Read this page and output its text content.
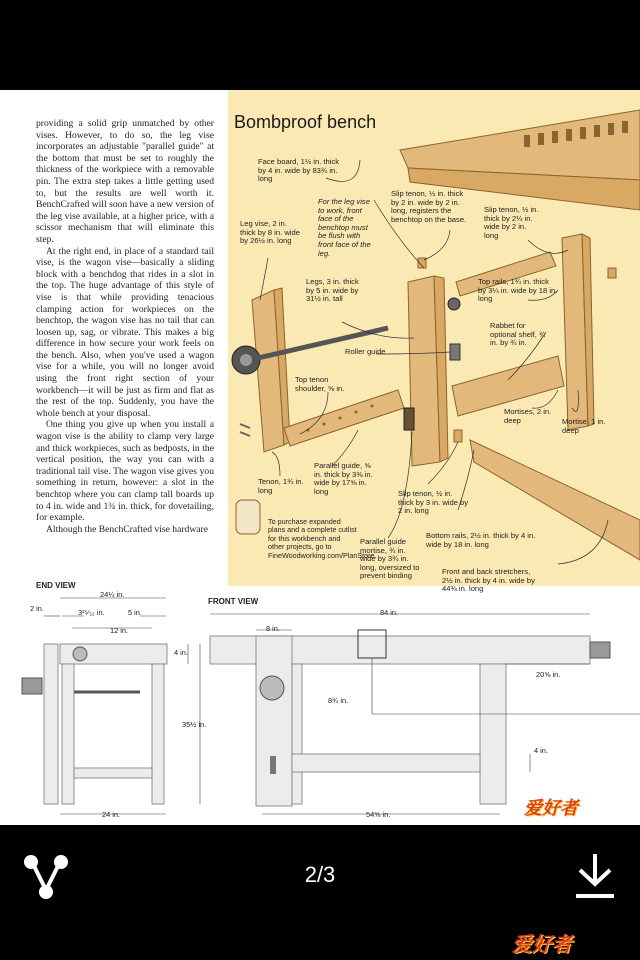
providing a solid grip unmatched by other vises. However, to do so, the leg vise incorporates an adjustable "parallel guide" at the bottom that must be set to roughly the thickness of the workpiece with a removable pin. The extra step takes a little getting used to, but the results are well worth it. BenchCrafted will soon have a new version of the leg vise available, at a higher price, with a scissor mechanism that will eliminate this step.

At the right end, in place of a standard tail vise, is the wagon vise—basically a sliding block with a benchdog that rides in a slot in the top. The huge advantage of this style of vise is that while providing tenacious clamping action for workpieces on the benchtop, the wagon vise has no tail that can loosen up, sag, or vibrate. This makes a big difference in how secure your work feels on the bench. Also, when you've used a wagon vise for a while, you will no longer avoid using the front right section of your workbench—it will be just as firm and flat as the rest of the top. Suddenly, you have the whole bench at your disposal.

One thing you give up when you install a wagon vise is the ability to clamp very large and thick workpieces, such as bedposts, in the vertical position, the way you can with a traditional tail vise. The wagon vise gives you something in return, however: a slot in the benchtop where you can clamp tall boards up to 4 in. wide and 1¾ in. thick, for dovetailing, for example.

Although the BenchCrafted vise hardware

Bombproof bench
Face board, 1½ in. thick by 4 in. wide by 83¾ in. long
For the leg vise to work, front face of the benchtop must be flush with front face of the leg.
Slip tenon, ½ in. thick by 2 in. wide by 2 in. long, registers the benchtop on the base.
Slip tenon, ½ in. thick by 2¼ in. wide by 2 in. long
Leg vise, 2 in. thick by 8 in. wide by 26½ in. long
Legs, 3 in. thick by 5 in. wide by 31½ in. tall
Top rails, 1¾ in. thick by 3¼ in. wide by 18 in. long
Rabbet for optional shelf, ¾ in. by ¾ in.
Roller guide
Top tenon shoulder, ⅝ in.
Mortises, 2 in. deep	Mortise, 1 in. deep
Tenon, 1¾ in. long
Parallel guide, ⅝ in. thick by 3⅜ in. wide by 17⅝ in. long	Slip tenon, ½ in. thick by 3 in. wide by 2 in. long
Bottom rails, 2½ in. thick by 4 in. wide by 18 in. long
Parallel guide mortise, ¾ in. wide by 3¾ in. long, oversized to prevent binding	Front and back stretchers, 2½ in. thick by 4 in. wide by 44⅜ in. long
To purchase expanded plans and a complete cutlist for this workbench and other projects, go to FineWoodworking.com/PlanStore.
END VIEW
24¼ in.
2 in.	3²⁵⁄₃₂ in.	5 in.
12 in.
4 in.
35½ in.
24 in.
FRONT VIEW
84 in.
8 in.
8¾ in.
20⅝ in.
4 in.
54⅝ in.	爱好者
2/3
爱好者
